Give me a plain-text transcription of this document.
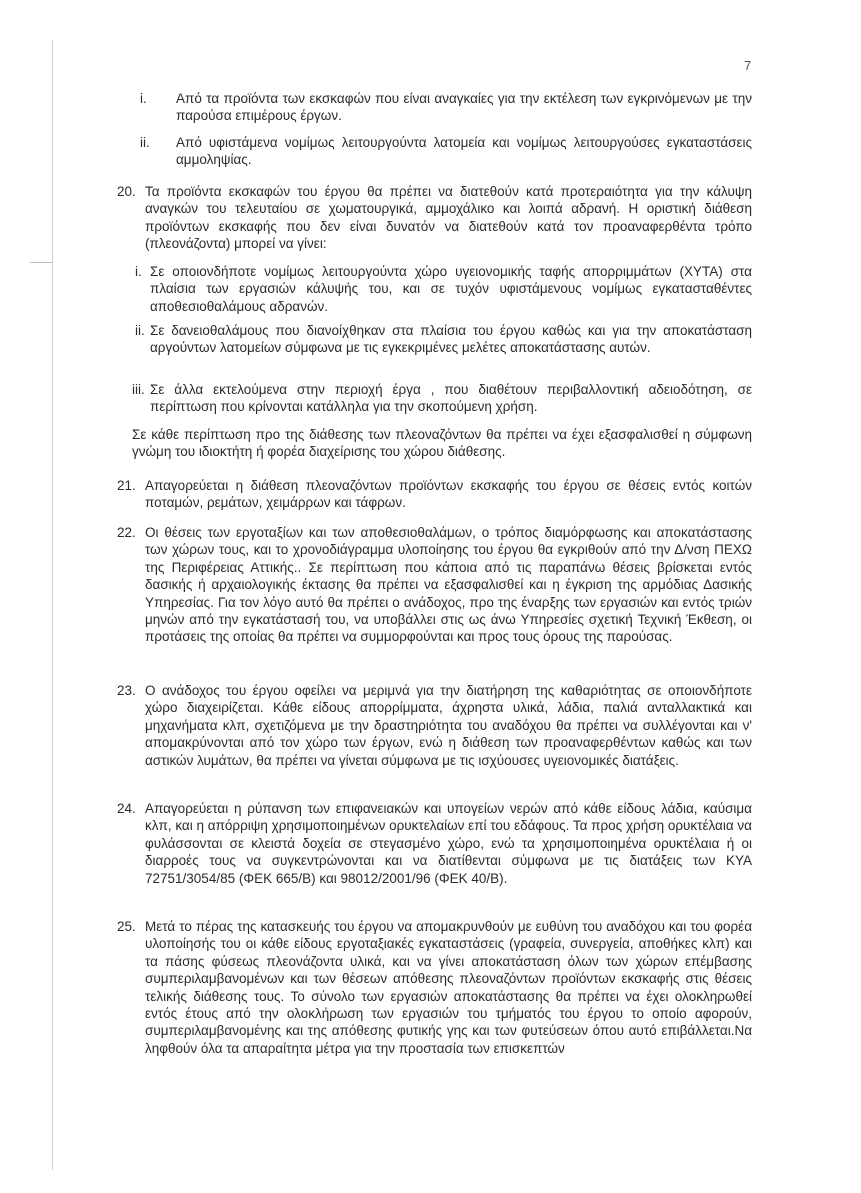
7
i. Από τα προϊόντα των εκσκαφών που είναι αναγκαίες για την εκτέλεση των εγκρινόμενων με την παρούσα επιμέρους έργων.
ii. Από υφιστάμενα νομίμως λειτουργούντα λατομεία και νομίμως λειτουργούσες εγκαταστάσεις αμμοληψίας.
20. Τα προϊόντα εκσκαφών του έργου θα πρέπει να διατεθούν κατά προτεραιότητα για την κάλυψη αναγκών του τελευταίου σε χωματουργικά, αμμοχάλικο και λοιπά αδρανή. Η οριστική διάθεση προϊόντων εκσκαφής που δεν είναι δυνατόν να διατεθούν κατά τον προαναφερθέντα τρόπο (πλεονάζοντα) μπορεί να γίνει:
i. Σε οποιονδήποτε νομίμως λειτουργούντα χώρο υγειονομικής ταφής απορριμμάτων (ΧΥΤΑ) στα πλαίσια των εργασιών κάλυψής του, και σε τυχόν υφιστάμενους νομίμως εγκατασταθέντες αποθεσιοθαλάμους αδρανών.
ii. Σε δανειοθαλάμους που διανοίχθηκαν στα πλαίσια του έργου καθώς και για την αποκατάσταση αργούντων λατομείων σύμφωνα με τις εγκεκριμένες μελέτες αποκατάστασης αυτών.
iii. Σε άλλα εκτελούμενα στην περιοχή έργα , που διαθέτουν περιβαλλοντική αδειοδότηση, σε περίπτωση που κρίνονται κατάλληλα για την σκοπούμενη χρήση.
Σε κάθε περίπτωση προ της διάθεσης των πλεοναζόντων θα πρέπει να έχει εξασφαλισθεί η σύμφωνη γνώμη του ιδιοκτήτη ή φορέα διαχείρισης του χώρου διάθεσης.
21. Απαγορεύεται η διάθεση πλεοναζόντων προϊόντων εκσκαφής του έργου σε θέσεις εντός κοιτών ποταμών, ρεμάτων, χειμάρρων και τάφρων.
22. Οι θέσεις των εργοταξίων και των αποθεσιοθαλάμων, ο τρόπος διαμόρφωσης και αποκατάστασης των χώρων τους, και το χρονοδιάγραμμα υλοποίησης του έργου θα εγκριθούν από την Δ/νση ΠΕΧΩ της Περιφέρειας Αττικής.. Σε περίπτωση που κάποια από τις παραπάνω θέσεις βρίσκεται εντός δασικής ή αρχαιολογικής έκτασης θα πρέπει να εξασφαλισθεί και η έγκριση της αρμόδιας Δασικής Υπηρεσίας. Για τον λόγο αυτό θα πρέπει ο ανάδοχος, προ της έναρξης των εργασιών και εντός τριών μηνών από την εγκατάστασή του, να υποβάλλει στις ως άνω Υπηρεσίες σχετική Τεχνική Έκθεση, οι προτάσεις της οποίας θα πρέπει να συμμορφούνται και προς τους όρους της παρούσας.
23. Ο ανάδοχος του έργου οφείλει να μεριμνά για την διατήρηση της καθαριότητας σε οποιονδήποτε χώρο διαχειρίζεται. Κάθε είδους απορρίμματα, άχρηστα υλικά, λάδια, παλιά ανταλλακτικά και μηχανήματα κλπ, σχετιζόμενα με την δραστηριότητα του αναδόχου θα πρέπει να συλλέγονται και ν' απομακρύνονται από τον χώρο των έργων, ενώ η διάθεση των προαναφερθέντων καθώς και των αστικών λυμάτων, θα πρέπει να γίνεται σύμφωνα με τις ισχύουσες υγειονομικές διατάξεις.
24. Απαγορεύεται η ρύπανση των επιφανειακών και υπογείων νερών από κάθε είδους λάδια, καύσιμα κλπ, και η απόρριψη χρησιμοποιημένων ορυκτελαίων επί του εδάφους. Τα προς χρήση ορυκτέλαια να φυλάσσονται σε κλειστά δοχεία σε στεγασμένο χώρο, ενώ τα χρησιμοποιημένα ορυκτέλαια ή οι διαρροές τους να συγκεντρώνονται και να διατίθενται σύμφωνα με τις διατάξεις των ΚΥΑ 72751/3054/85 (ΦΕΚ 665/Β) και 98012/2001/96 (ΦΕΚ 40/Β).
25. Μετά το πέρας της κατασκευής του έργου να απομακρυνθούν με ευθύνη του αναδόχου και του φορέα υλοποίησής του οι κάθε είδους εργοταξιακές εγκαταστάσεις (γραφεία, συνεργεία, αποθήκες κλπ) και τα πάσης φύσεως πλεονάζοντα υλικά, και να γίνει αποκατάσταση όλων των χώρων επέμβασης συμπεριλαμβανομένων και των θέσεων απόθεσης πλεοναζόντων προϊόντων εκσκαφής στις θέσεις τελικής διάθεσης τους. Το σύνολο των εργασιών αποκατάστασης θα πρέπει να έχει ολοκληρωθεί εντός έτους από την ολοκλήρωση των εργασιών του τμήματός του έργου το οποίο αφορούν, συμπεριλαμβανομένης και της απόθεσης φυτικής γης και των φυτεύσεων όπου αυτό επιβάλλεται.Να ληφθούν όλα τα απαραίτητα μέτρα για την προστασία των επισκεπτών
